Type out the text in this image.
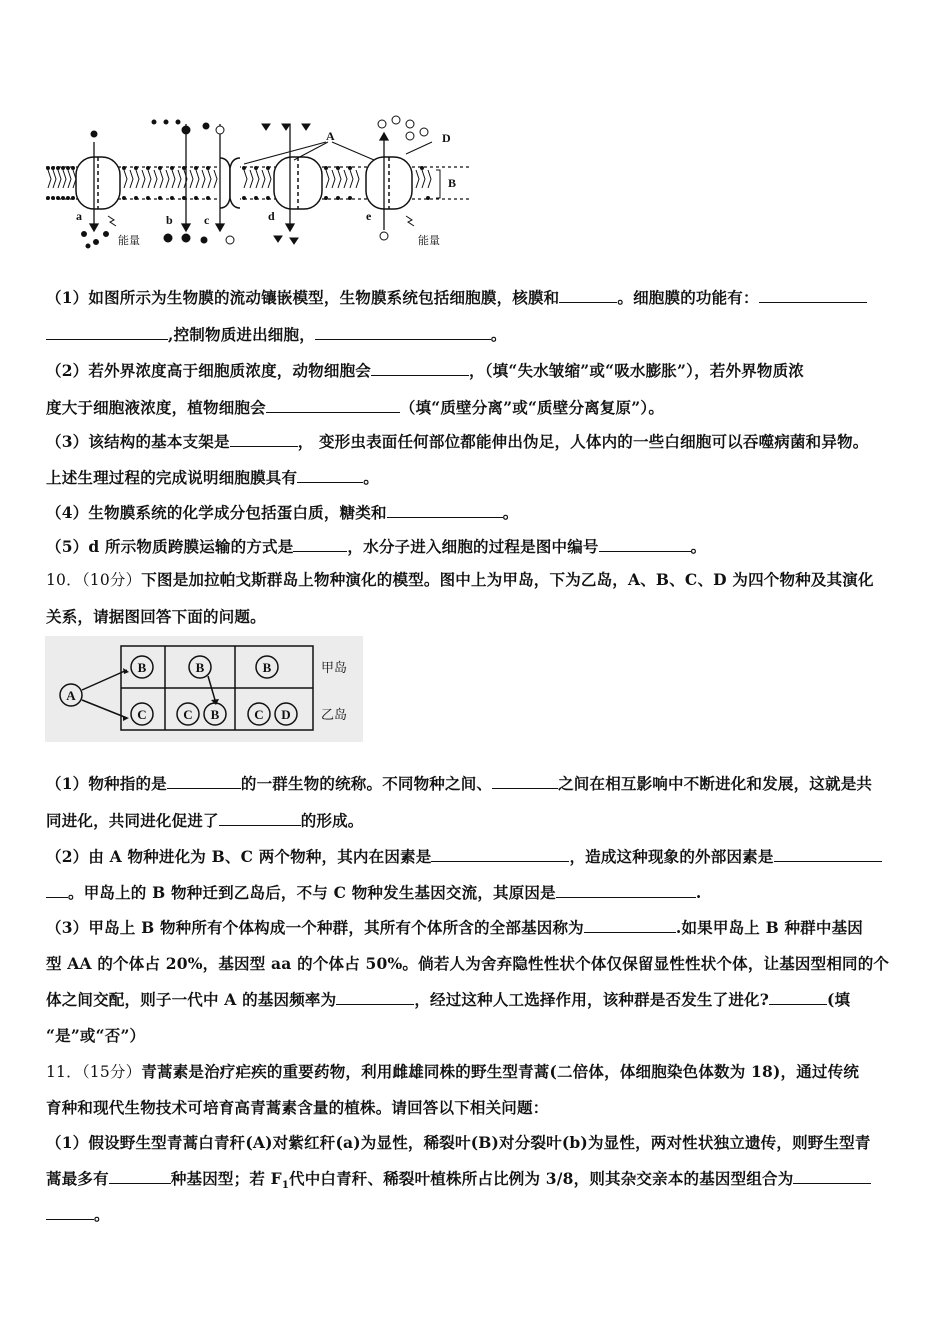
A	D
B
a	b	c	d	e
能量	能量
（1）如图所示为生物膜的流动镶嵌模型，生物膜系统包括细胞膜，核膜和	。细胞膜的功能有：
,控制物质进出细胞，	。
（2）若外界浓度高于细胞质浓度，动物细胞会	，（填“失水皱缩”或“吸水膨胀”），若外界物质浓
度大于细胞液浓度，植物细胞会	（填“质壁分离”或“质壁分离复原”）。
（3）该结构的基本支架是	， 变形虫表面任何部位都能伸出伪足，人体内的一些白细胞可以吞噬病菌和异物。
上述生理过程的完成说明细胞膜具有	。
（4）生物膜系统的化学成分包括蛋白质，糖类和	。
（5）d 所示物质跨膜运输的方式是	，水分子进入细胞的过程是图中编号	。
10．（10分）下图是加拉帕戈斯群岛上物种演化的模型。图中上为甲岛，下为乙岛，A、B、C、D 为四个物种及其演化
关系，请据图回答下面的问题。
A
B	B	B
C	C B	C D
甲岛
乙岛
（1）物种指的是	的一群生物的统称。不同物种之间、	之间在相互影响中不断进化和发展，这就是共
同进化，共同进化促进了	的形成。
（2）由 A 物种进化为 B、C 两个物种，其内在因素是	，造成这种现象的外部因素是
。甲岛上的 B 物种迁到乙岛后，不与 C 物种发生基因交流，其原因是	.
（3）甲岛上 B 物种所有个体构成一个种群，其所有个体所含的全部基因称为	.如果甲岛上 B 种群中基因
型 AA 的个体占 20%，基因型 aa 的个体占 50%。倘若人为舍弃隐性性状个体仅保留显性性状个体，让基因型相同的个
体之间交配，则子一代中 A 的基因频率为	，经过这种人工选择作用，该种群是否发生了进化?	(填
“是”或“否”）
11．（15分）青蒿素是治疗疟疾的重要药物，利用雌雄同株的野生型青蒿(二倍体，体细胞染色体数为 18)，通过传统
育种和现代生物技术可培育高青蒿素含量的植株。请回答以下相关问题：
（1）假设野生型青蒿白青秆(A)对紫红秆(a)为显性，稀裂叶(B)对分裂叶(b)为显性，两对性状独立遗传，则野生型青
蒿最多有	种基因型；若 $F_1$代中白青秆、稀裂叶植株所占比例为 3/8，则其杂交亲本的基因型组合为
。
